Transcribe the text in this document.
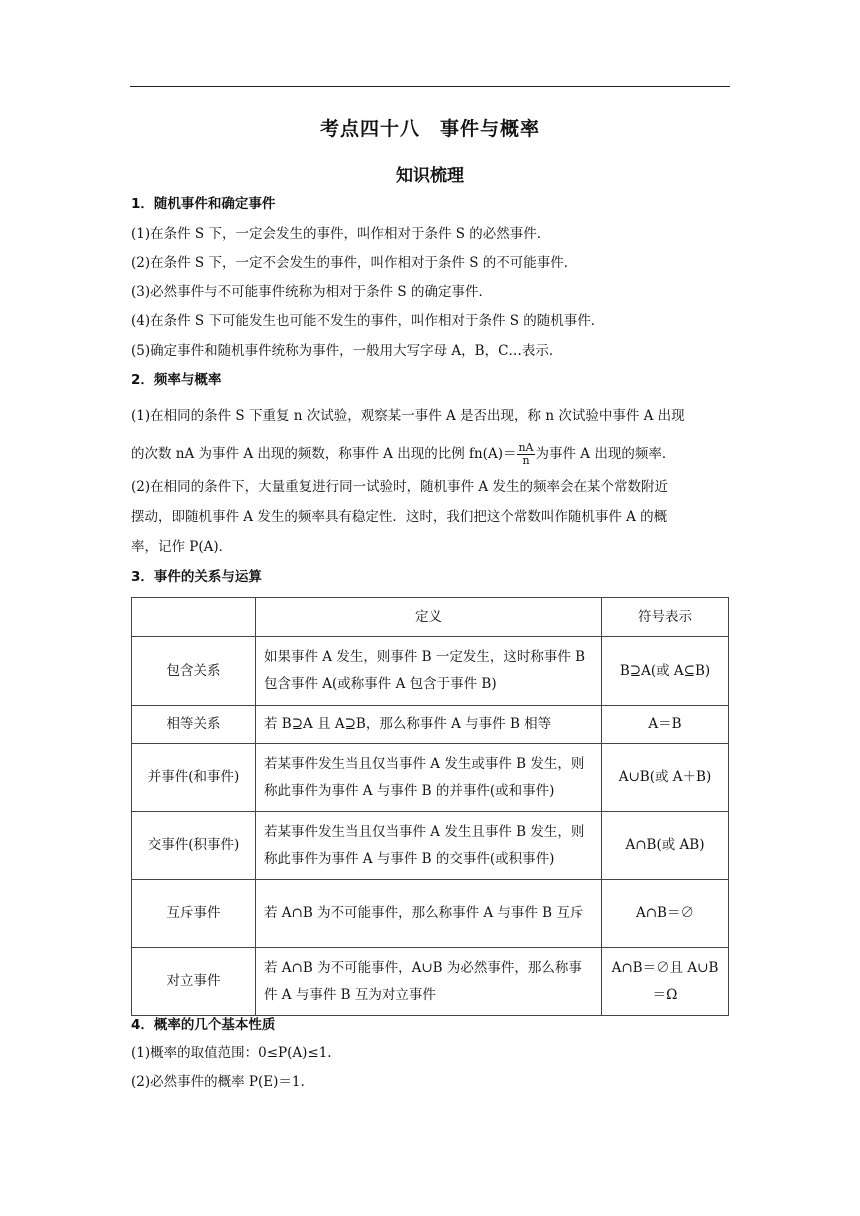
考点四十八　事件与概率
知识梳理
1．随机事件和确定事件
(1)在条件 S 下，一定会发生的事件，叫作相对于条件 S 的必然事件．
(2)在条件 S 下，一定不会发生的事件，叫作相对于条件 S 的不可能事件．
(3)必然事件与不可能事件统称为相对于条件 S 的确定事件．
(4)在条件 S 下可能发生也可能不发生的事件，叫作相对于条件 S 的随机事件．
(5)确定事件和随机事件统称为事件，一般用大写字母 A，B，C…表示．
2．频率与概率
(1)在相同的条件 S 下重复 n 次试验，观察某一事件 A 是否出现，称 n 次试验中事件 A 出现
的次数 nA 为事件 A 出现的频数，称事件 A 出现的比例 $fn(A)= \frac{nA}{n}$ 为事件 A 出现的频率．
(2)在相同的条件下，大量重复进行同一试验时，随机事件 A 发生的频率会在某个常数附近
摆动，即随机事件 A 发生的频率具有稳定性．这时，我们把这个常数叫作随机事件 A 的概
率，记作 P(A)．
3．事件的关系与运算
	定义	符号表示
包含关系	如果事件 A 发生，则事件 B 一定发生，这时称事件 B 包含事件 A(或称事件 A 包含于事件 B)	B⊇A(或 A⊆B)
相等关系	若 B⊇A 且 A⊇B，那么称事件 A 与事件 B 相等	A＝B
并事件(和事件)	若某事件发生当且仅当事件 A 发生或事件 B 发生，则称此事件为事件 A 与事件 B 的并事件(或和事件)	A∪B(或 A＋B)
交事件(积事件)	若某事件发生当且仅当事件 A 发生且事件 B 发生，则称此事件为事件 A 与事件 B 的交事件(或积事件)	A∩B(或 AB)
互斥事件	若 A∩B 为不可能事件，那么称事件 A 与事件 B 互斥	A∩B＝∅
对立事件	若 A∩B 为不可能事件，A∪B 为必然事件，那么称事件 A 与事件 B 互为对立事件	A∩B＝∅且 A∪B＝Ω
4．概率的几个基本性质
(1)概率的取值范围：0≤P(A)≤1.
(2)必然事件的概率 P(E)＝1.
